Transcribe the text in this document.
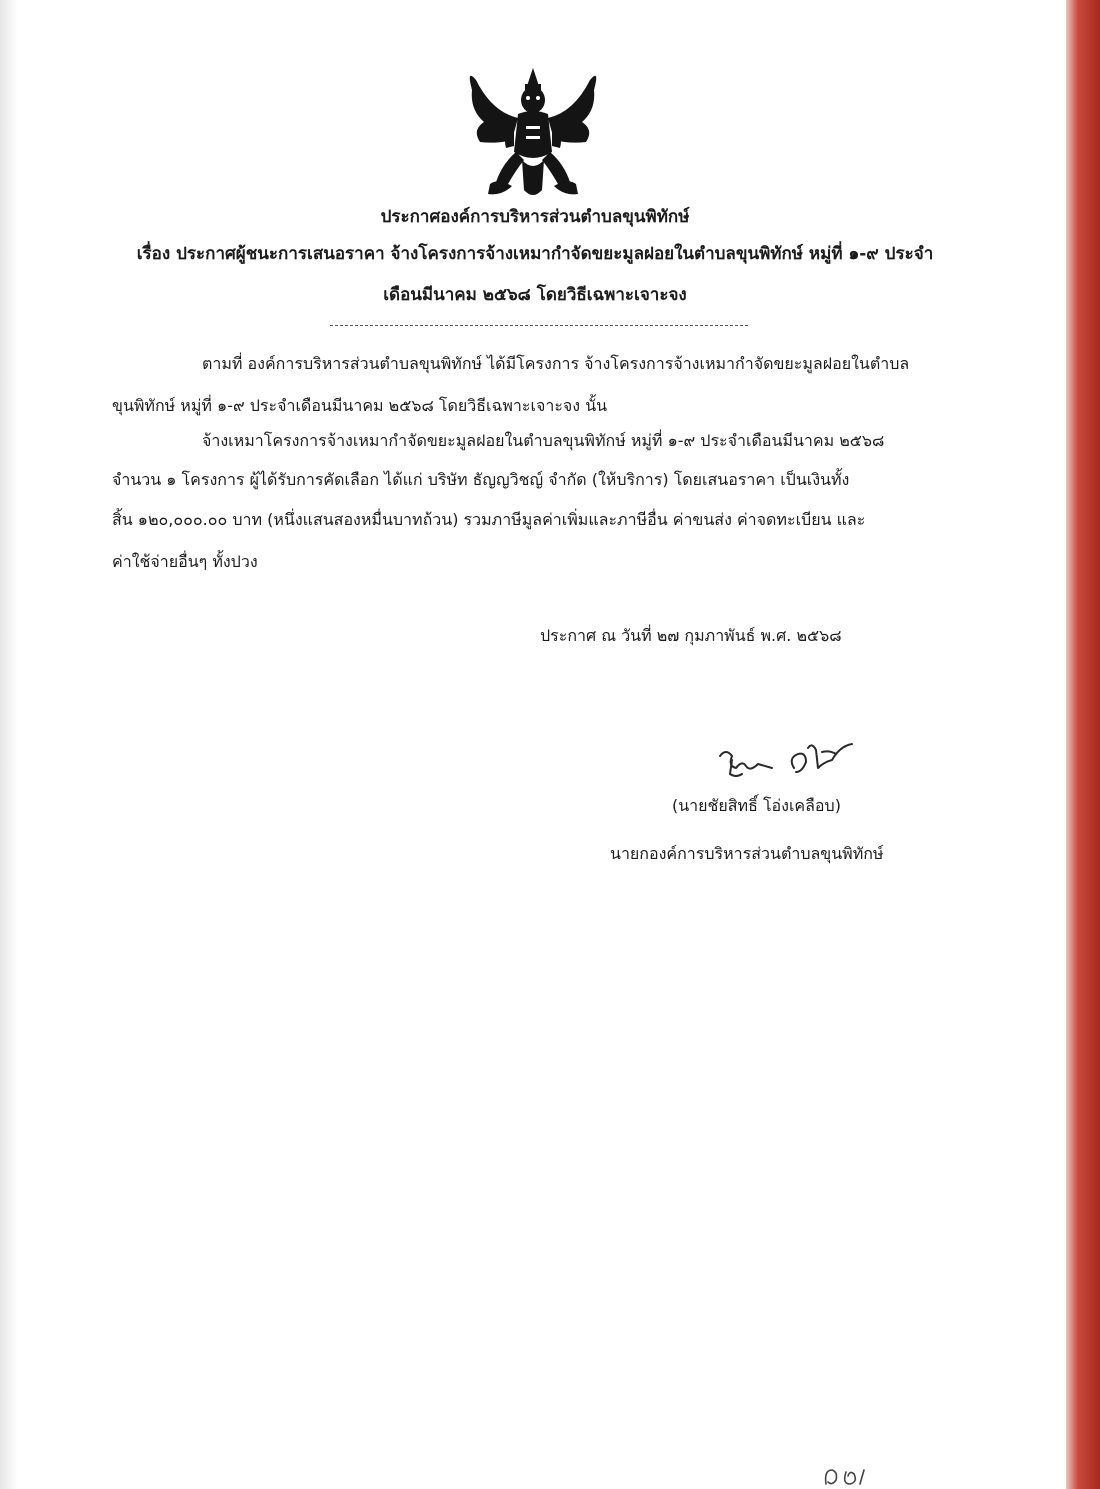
ประกาศองค์การบริหารส่วนตำบลขุนพิทักษ์
เรื่อง ประกาศผู้ชนะการเสนอราคา จ้างโครงการจ้างเหมากำจัดขยะมูลฝอยในตำบลขุนพิทักษ์ หมู่ที่ ๑-๙ ประจำ
เดือนมีนาคม ๒๕๖๘ โดยวิธีเฉพาะเจาะจง
ตามที่ องค์การบริหารส่วนตำบลขุนพิทักษ์ ได้มีโครงการ จ้างโครงการจ้างเหมากำจัดขยะมูลฝอยในตำบล
ขุนพิทักษ์ หมู่ที่ ๑-๙ ประจำเดือนมีนาคม ๒๕๖๘ โดยวิธีเฉพาะเจาะจง นั้น
จ้างเหมาโครงการจ้างเหมากำจัดขยะมูลฝอยในตำบลขุนพิทักษ์ หมู่ที่ ๑-๙ ประจำเดือนมีนาคม ๒๕๖๘
จำนวน ๑ โครงการ ผู้ได้รับการคัดเลือก ได้แก่ บริษัท ธัญญวิชญ์ จำกัด (ให้บริการ) โดยเสนอราคา เป็นเงินทั้ง
สิ้น ๑๒๐,๐๐๐.๐๐ บาท (หนึ่งแสนสองหมื่นบาทถ้วน) รวมภาษีมูลค่าเพิ่มและภาษีอื่น ค่าขนส่ง ค่าจดทะเบียน และ
ค่าใช้จ่ายอื่นๆ ทั้งปวง
ประกาศ ณ วันที่ ๒๗ กุมภาพันธ์ พ.ศ. ๒๕๖๘
(นายชัยสิทธิ์ โอ่งเคลือบ)
นายกองค์การบริหารส่วนตำบลขุนพิทักษ์
